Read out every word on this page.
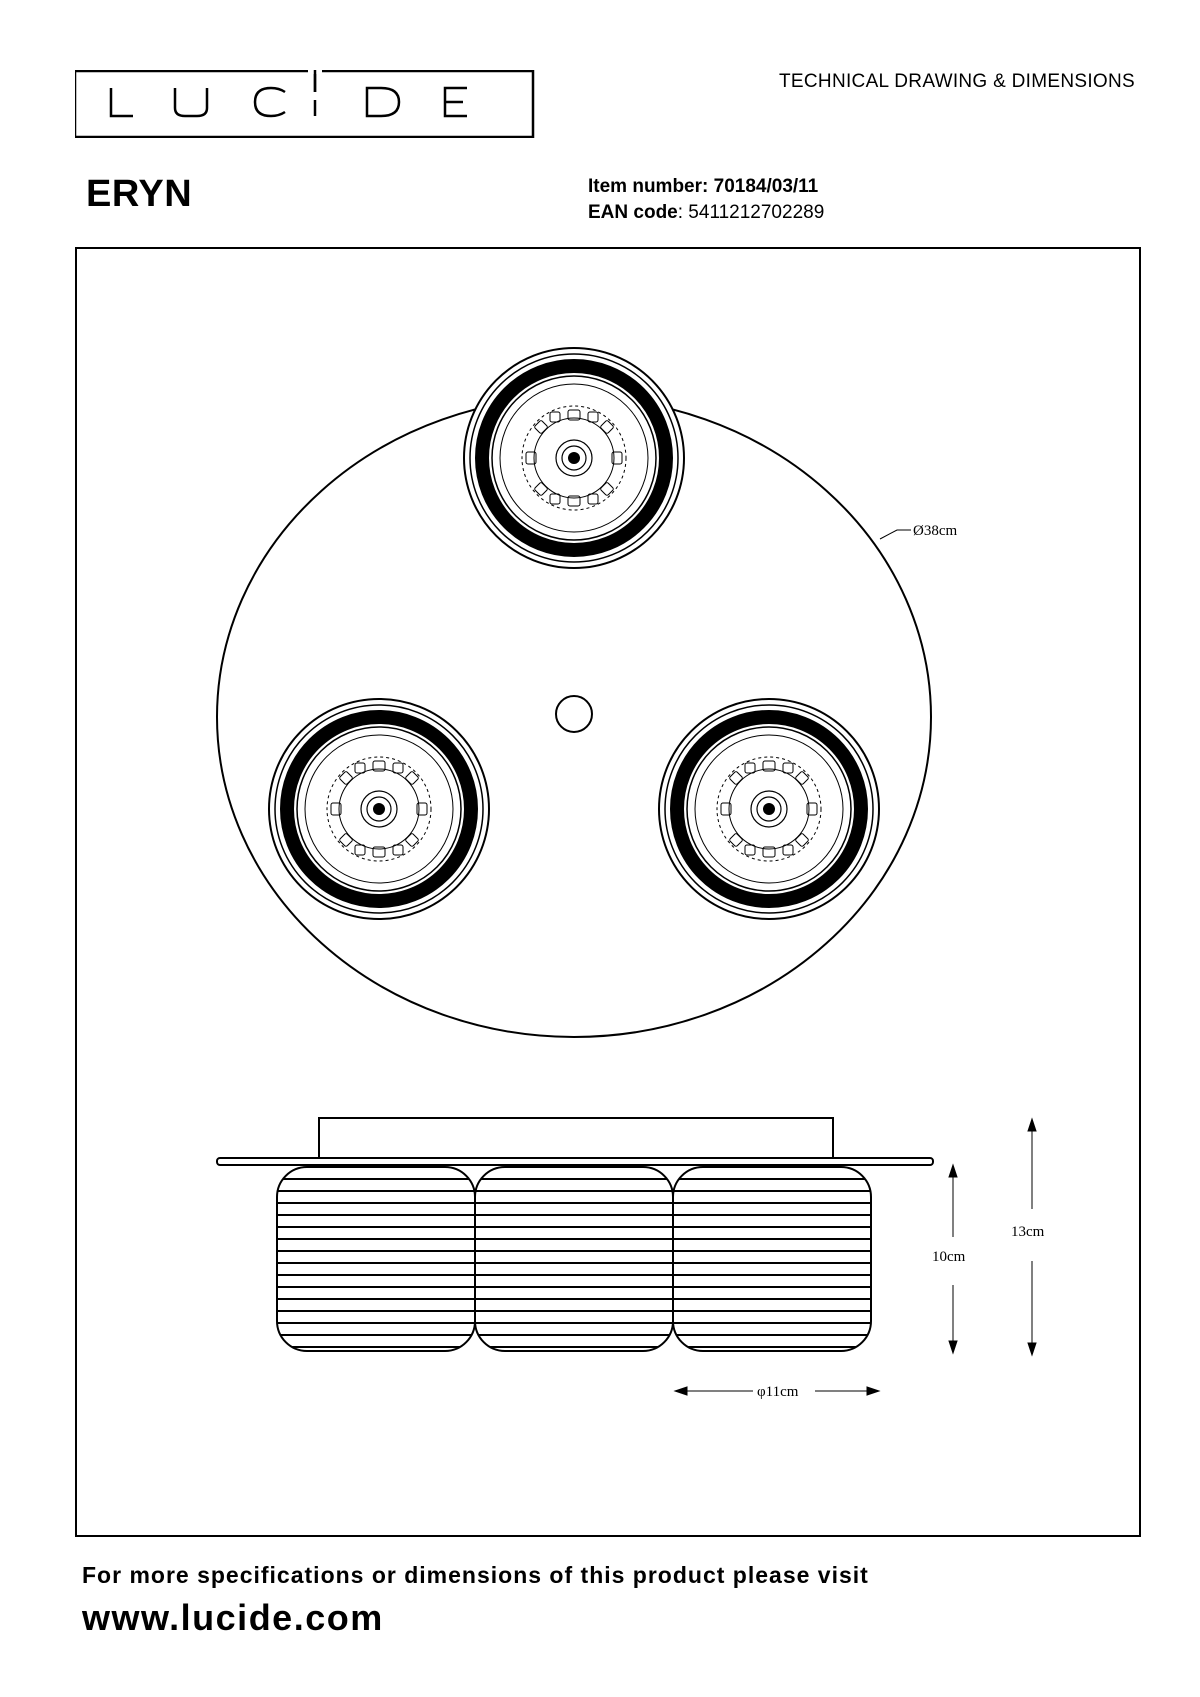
TECHNICAL DRAWING & DIMENSIONS
ERYN	Item number: 70184/03/11
EAN code: 5411212702289
Ø38cm
10cm
13cm
φ11cm
For more specifications or dimensions of this product please visit
www.lucide.com
